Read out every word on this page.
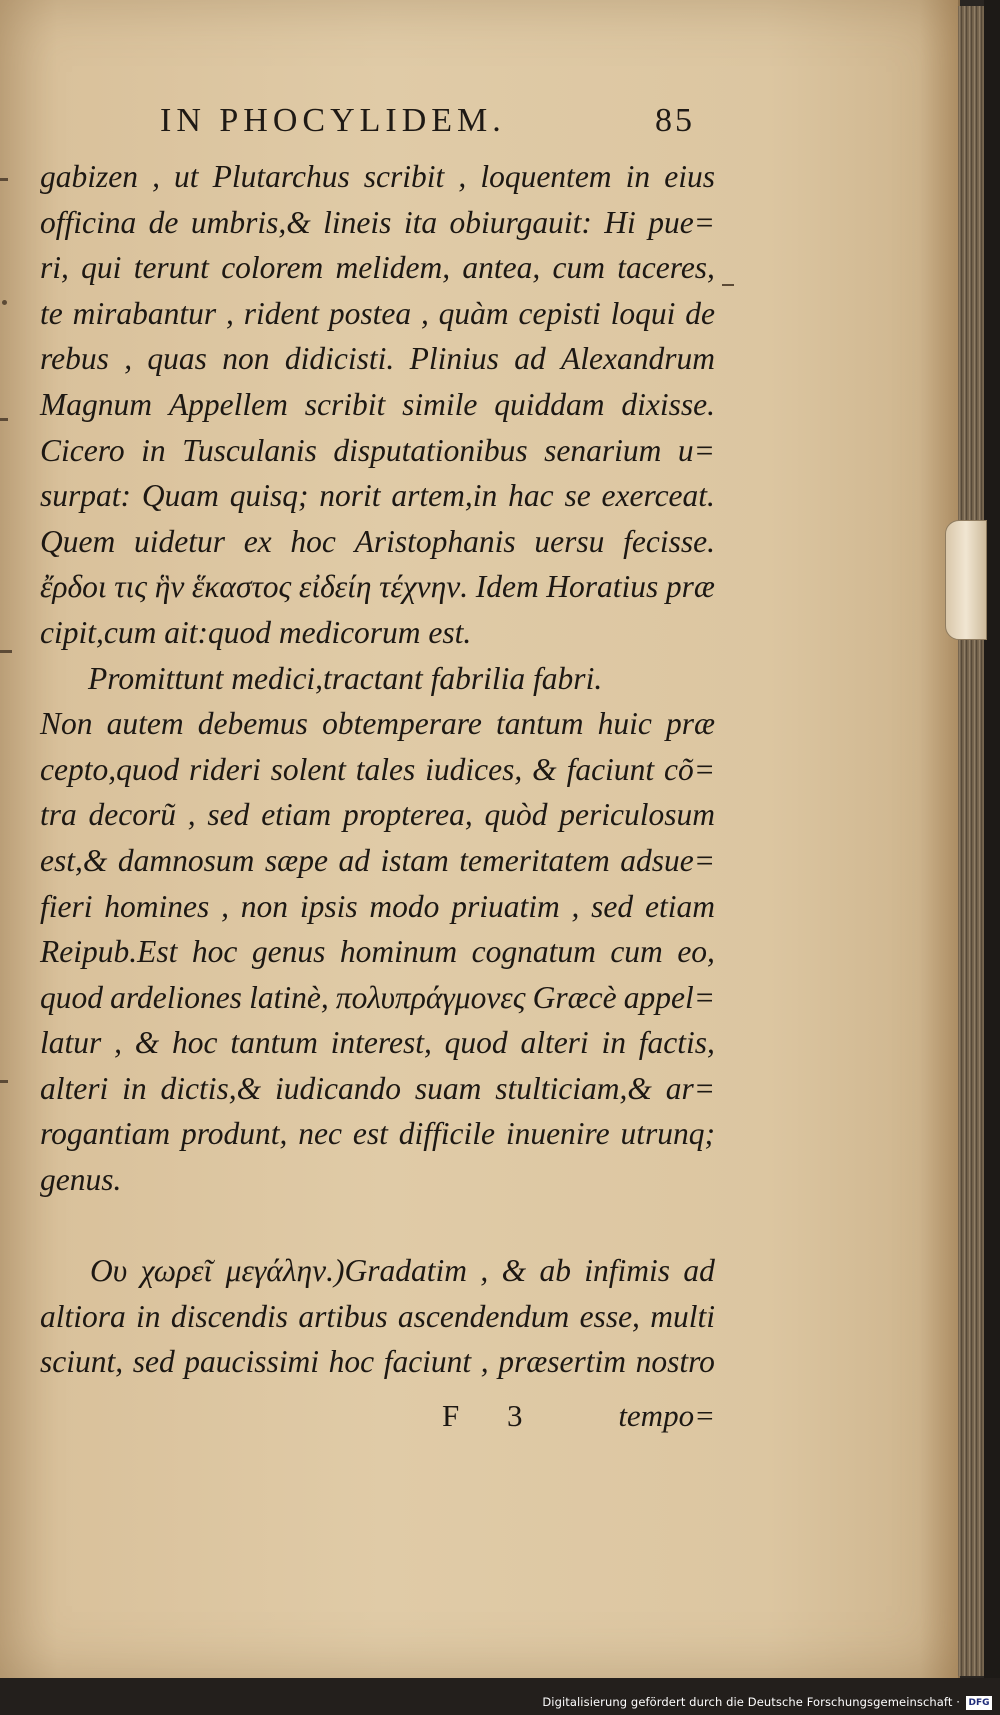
IN PHOCYLIDEM.	85
gabizen , ut Plutarchus scribit , loquentem in eius
officina de umbris,& lineis ita obiurgauit: Hi pue=
ri, qui terunt colorem melidem, antea, cum taceres,
te mirabantur , rident postea , quàm cepisti loqui de
rebus , quas non didicisti. Plinius ad Alexandrum
Magnum Appellem scribit simile quiddam dixisse.
Cicero in Tusculanis disputationibus senarium u=
surpat: Quam quisq; norit artem,in hac se exerceat.
Quem uidetur ex hoc Aristophanis uersu fecisse.
ἔρδοι τις ἣν ἕκαστος εἰδείη τέχνην. Idem Horatius præ
cipit,cum ait:quod medicorum est.
Promittunt medici,tractant fabrilia fabri.
Non autem debemus obtemperare tantum huic præ
cepto,quod rideri solent tales iudices, & faciunt cõ=
tra decorũ , sed etiam propterea, quòd periculosum
est,& damnosum sæpe ad istam temeritatem adsue=
fieri homines , non ipsis modo priuatim , sed etiam
Reipub.Est hoc genus hominum cognatum cum eo,
quod ardeliones latinè, πολυπράγμονες Græcè appel=
latur , & hoc tantum interest, quod alteri in factis,
alteri in dictis,& iudicando suam stulticiam,& ar=
rogantiam produnt, nec est difficile inuenire utrunq;
genus.
Ου χωρεῖ μεγάλην.)Gradatim , & ab infimis ad
altiora in discendis artibus ascendendum esse, multi
sciunt, sed paucissimi hoc faciunt , præsertim nostro
F 3 tempo=
Digitalisierung gefördert durch die Deutsche Forschungsgemeinschaft · DFG
